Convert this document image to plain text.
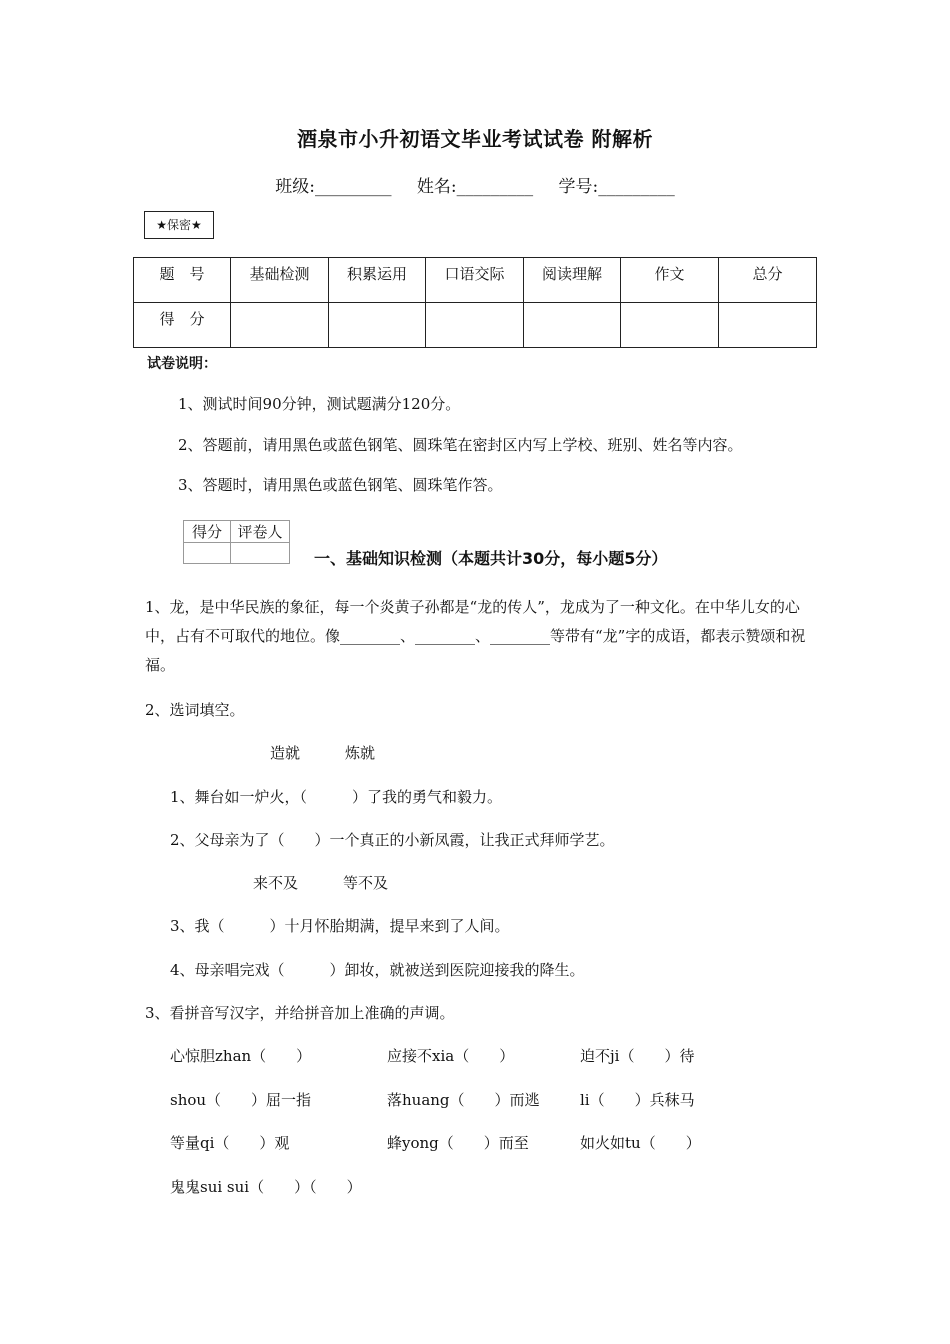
酒泉市小升初语文毕业考试试卷 附解析
班级:_________ 姓名:_________ 学号:_________
★保密★
题　号	基础检测	积累运用	口语交际	阅读理解	作文	总分
得　分						
试卷说明：
1、测试时间90分钟，测试题满分120分。
2、答题前，请用黑色或蓝色钢笔、圆珠笔在密封区内写上学校、班别、姓名等内容。
3、答题时，请用黑色或蓝色钢笔、圆珠笔作答。
得分	评卷人

一、基础知识检测（本题共计30分，每小题5分）
1、龙，是中华民族的象征，每一个炎黄子孙都是“龙的传人”，龙成为了一种文化。在中华儿女的心中，占有不可取代的地位。像________、________、________等带有“龙”字的成语，都表示赞颂和祝福。
2、选词填空。
造就　　　炼就
1、舞台如一炉火，（　　　）了我的勇气和毅力。
2、父母亲为了（　　）一个真正的小新凤霞，让我正式拜师学艺。
来不及　　　等不及
3、我（　　　）十月怀胎期满，提早来到了人间。
4、母亲唱完戏（　　　）卸妆，就被送到医院迎接我的降生。
3、看拼音写汉字，并给拼音加上准确的声调。
心惊胆zhan（　　）	应接不xia（　　）	迫不ji（　　）待
shou（　　）屈一指	落huang（　　）而逃	li（　　）兵秣马
等量qi（　　）观	蜂yong（　　）而至	如火如tu（　　）
鬼鬼sui sui（　　）（　　）
